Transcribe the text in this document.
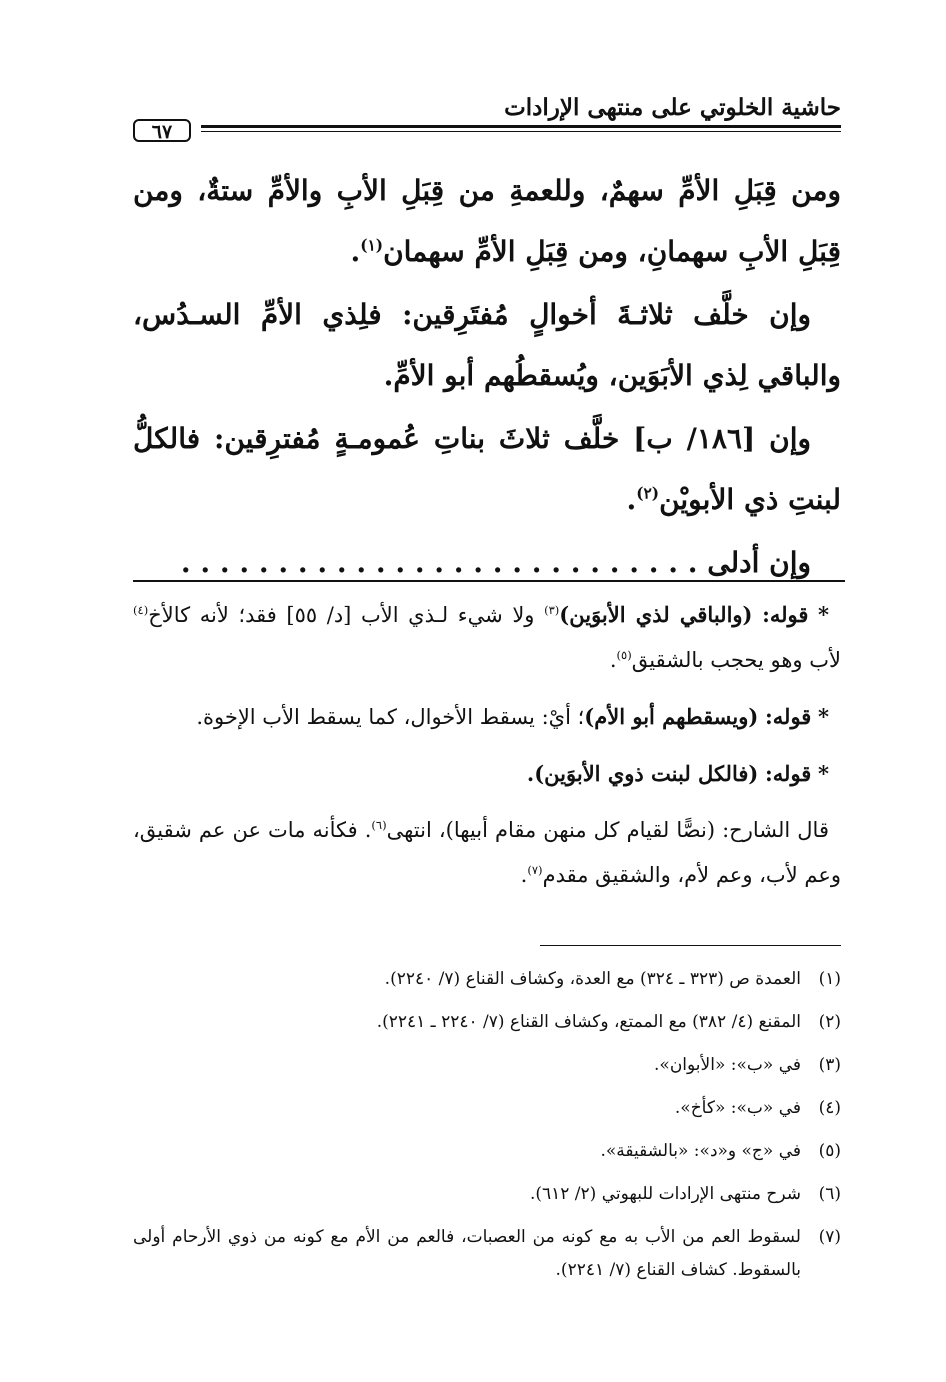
حاشية الخلوتي على منتهى الإرادات
٦٧

ومن قِبَلِ الأمِّ سهمٌ، وللعمةِ من قِبَلِ الأبِ والأمِّ ستةٌ، ومن قِبَلِ الأبِ سهمانِ، ومن قِبَلِ الأمِّ سهمان$^{(١)}$.

وإن خلَّف ثلاثـةَ أخوالٍ مُفتَرِقين: فلِذي الأمِّ السـدُس، والباقي لِذي الأبَوَين، ويُسقطُهم أبو الأمِّ.

وإن [١٨٦/ ب] خلَّف ثلاثَ بناتِ عُمومـةٍ مُفترِقين: فالكلُّ لبنتِ ذي الأبويْن$^{(٢)}$.

وإن أدلى . . . . . . . . . . . . . . . . . . . . . . . . . . .

* قوله: (والباقي لذي الأبوَين)$^{(٣)}$ ولا شيء لـذي الأب [د/ ٥٥] فقد؛ لأنه كالأخ$^{(٤)}$ لأب وهو يحجب بالشقيق$^{(٥)}$.

* قوله: (ويسقطهم أبو الأم)؛ أيْ: يسقط الأخوال، كما يسقط الأب الإخوة.

* قوله: (فالكل لبنت ذوي الأبوَين).

قال الشارح: (نصًّا لقيام كل منهن مقام أبيها)، انتهى$^{(٦)}$. فكأنه مات عن عم شقيق، وعم لأب، وعم لأم، والشقيق مقدم$^{(٧)}$.

(١)
العمدة ص (٣٢٣ ـ ٣٢٤) مع العدة، وكشاف القناع (٧/ ٢٢٤٠).
(٢)
المقنع (٤/ ٣٨٢) مع الممتع، وكشاف القناع (٧/ ٢٢٤٠ ـ ٢٢٤١).
(٣)
في «ب»: «الأبوان».
(٤)
في «ب»: «كأخ».
(٥)
في «ج» و«د»: «بالشقيقة».
(٦)
شرح منتهى الإرادات للبهوتي (٢/ ٦١٢).
(٧)
لسقوط العم من الأب به مع كونه من العصبات، فالعم من الأم مع كونه من ذوي الأرحام أولى بالسقوط. كشاف القناع (٧/ ٢٢٤١).
